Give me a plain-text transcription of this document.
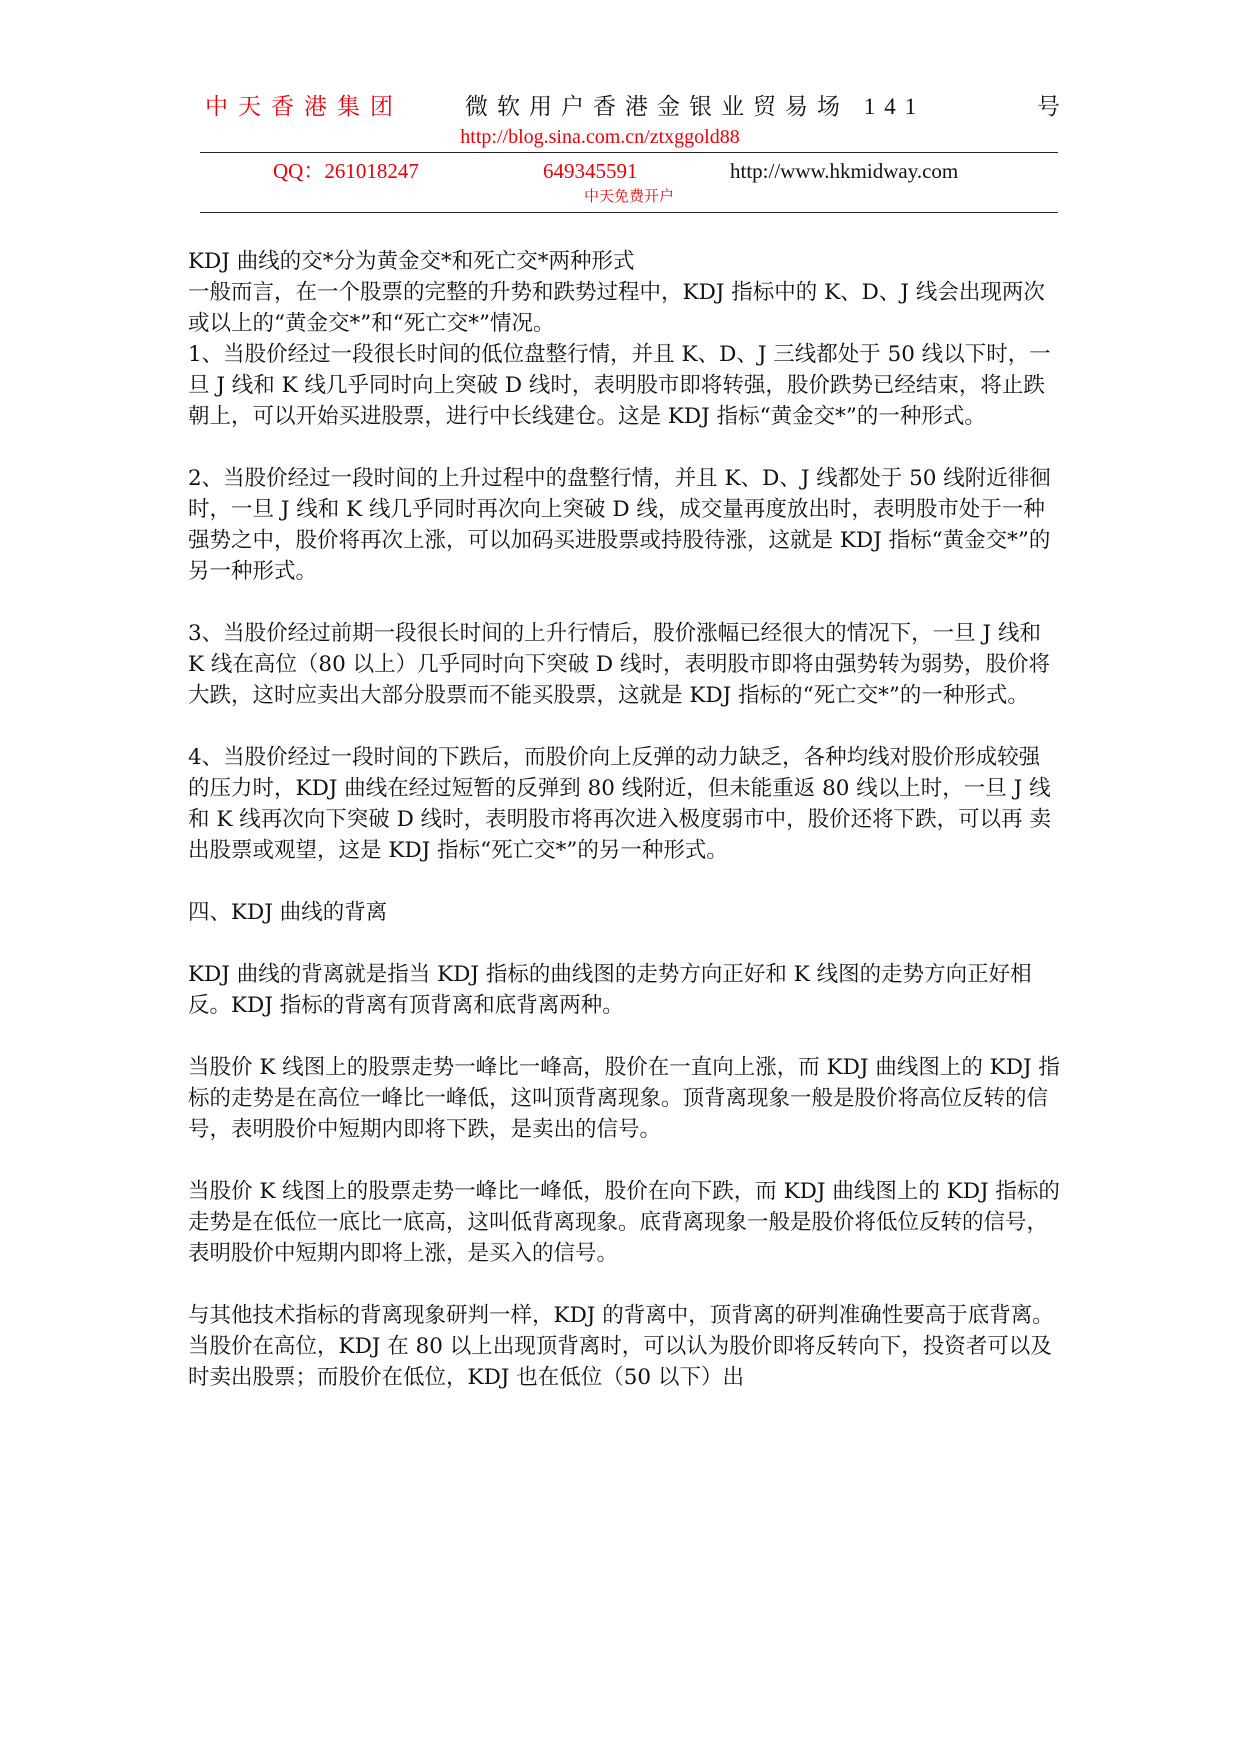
中天香港集团	微软用户香港金银业贸易场 141	号
http://blog.sina.com.cn/ztxggold88
QQ：261018247	649345591	http://www.hkmidway.com
中天免费开户

KDJ 曲线的交*分为黄金交*和死亡交*两种形式

一般而言，在一个股票的完整的升势和跌势过程中，KDJ 指标中的 K、D、J 线会出现两次或以上的“黄金交*”和“死亡交*”情况。

1、当股价经过一段很长时间的低位盘整行情，并且 K、D、J 三线都处于 50 线以下时，一旦 J 线和 K 线几乎同时向上突破 D 线时，表明股市即将转强，股价跌势已经结束，将止跌朝上，可以开始买进股票，进行中长线建仓。这是 KDJ 指标“黄金交*”的一种形式。

2、当股价经过一段时间的上升过程中的盘整行情，并且 K、D、J 线都处于 50 线附近徘徊时，一旦 J 线和 K 线几乎同时再次向上突破 D 线，成交量再度放出时，表明股市处于一种强势之中，股价将再次上涨，可以加码买进股票或持股待涨，这就是 KDJ 指标“黄金交*”的另一种形式。

3、当股价经过前期一段很长时间的上升行情后，股价涨幅已经很大的情况下，一旦 J 线和 K 线在高位（80 以上）几乎同时向下突破 D 线时，表明股市即将由强势转为弱势，股价将大跌，这时应卖出大部分股票而不能买股票，这就是 KDJ 指标的“死亡交*”的一种形式。

4、当股价经过一段时间的下跌后，而股价向上反弹的动力缺乏，各种均线对股价形成较强的压力时，KDJ 曲线在经过短暂的反弹到 80 线附近，但未能重返 80 线以上时，一旦 J 线和 K 线再次向下突破 D 线时，表明股市将再次进入极度弱市中，股价还将下跌，可以再 卖出股票或观望，这是 KDJ 指标“死亡交*”的另一种形式。

四、KDJ 曲线的背离

KDJ 曲线的背离就是指当 KDJ 指标的曲线图的走势方向正好和 K 线图的走势方向正好相反。KDJ 指标的背离有顶背离和底背离两种。

当股价 K 线图上的股票走势一峰比一峰高，股价在一直向上涨，而 KDJ 曲线图上的 KDJ 指标的走势是在高位一峰比一峰低，这叫顶背离现象。顶背离现象一般是股价将高位反转的信号，表明股价中短期内即将下跌，是卖出的信号。

当股价 K 线图上的股票走势一峰比一峰低，股价在向下跌，而 KDJ 曲线图上的 KDJ 指标的走势是在低位一底比一底高，这叫低背离现象。底背离现象一般是股价将低位反转的信号，表明股价中短期内即将上涨，是买入的信号。

与其他技术指标的背离现象研判一样，KDJ 的背离中，顶背离的研判准确性要高于底背离。当股价在高位，KDJ 在 80 以上出现顶背离时，可以认为股价即将反转向下，投资者可以及时卖出股票；而股价在低位，KDJ 也在低位（50 以下）出
